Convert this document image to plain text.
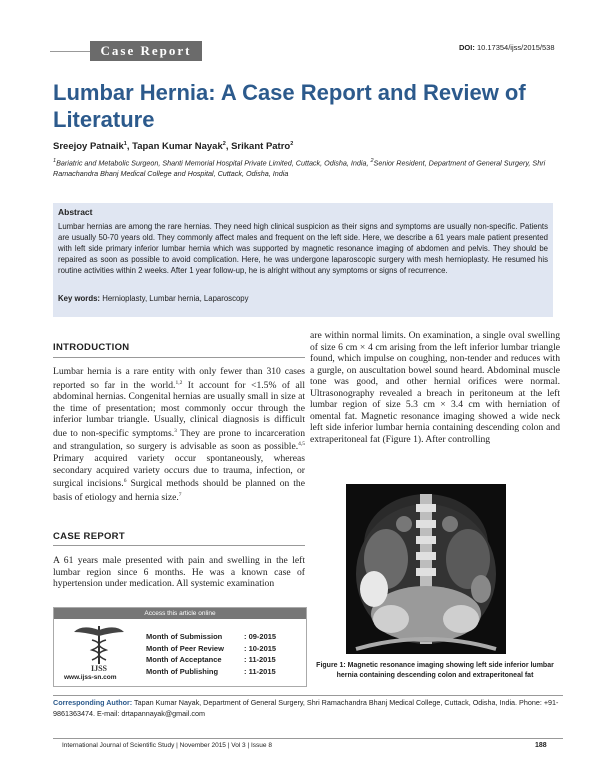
Case Report	DOI: 10.17354/ijss/2015/538
Lumbar Hernia: A Case Report and Review of Literature
Sreejoy Patnaik$^1$, Tapan Kumar Nayak$^2$, Srikant Patro$^2$
$^1$Bariatric and Metabolic Surgeon, Shanti Memorial Hospital Private Limited, Cuttack, Odisha, India, $^2$Senior Resident, Department of General Surgery, Shri Ramachandra Bhanj Medical College and Hospital, Cuttack, Odisha, India
Abstract
Lumbar hernias are among the rare hernias. They need high clinical suspicion as their signs and symptoms are usually non-specific. Patients are usually 50-70 years old. They commonly affect males and frequent on the left side. Here, we describe a 61 years male patient presented with left side primary inferior lumbar hernia which was supported by magnetic resonance imaging of abdomen and pelvis. They should be repaired as soon as possible to avoid complication. Here, he was undergone laparoscopic surgery with mesh hernioplasty. He resumed his routine activities within 2 weeks. After 1 year follow-up, he is alright without any symptoms or signs of recurrence.
Key words: Hernioplasty, Lumbar hernia, Laparoscopy
INTRODUCTION
Lumbar hernia is a rare entity with only fewer than 310 cases reported so far in the world.$^{1,2}$ It account for <1.5% of all abdominal hernias. Congenital hernias are usually small in size at the time of presentation; most commonly occur through the inferior lumbar triangle. Usually, clinical diagnosis is difficult due to non-specific symptoms.$^3$ They are prone to incarceration and strangulation, so surgery is advisable as soon as possible.$^{4,5}$ Primary acquired variety occur spontaneously, whereas secondary acquired variety occurs due to trauma, infection, or surgical incisions.$^6$ Surgical methods should be planned on the basis of etiology and hernia size.$^7$
CASE REPORT
A 61 years male presented with pain and swelling in the left lumbar region since 6 months. He was a known case of hypertension under medication. All systemic examination
are within normal limits. On examination, a single oval swelling of size 6 cm × 4 cm arising from the left inferior lumbar triangle found, which impulse on coughing, non-tender and reduces with a gurgle, on auscultation bowel sound heard. Abdominal muscle tone was good, and other hernial orifices were normal. Ultrasonography revealed a breach in peritoneum at the left lumbar region of size 5.3 cm × 3.4 cm with herniation of omental fat. Magnetic resonance imaging showed a wide neck left side inferior lumbar hernia containing descending colon and extraperitoneal fat (Figure 1). After controlling
Figure 1: Magnetic resonance imaging showing left side inferior lumbar hernia containing descending colon and extraperitoneal fat
Access this article online
IJSS
www.ijss-sn.com
Month of Submission	: 09-2015
Month of Peer Review	: 10-2015
Month of Acceptance	: 11-2015
Month of Publishing	: 11-2015
Corresponding Author: Tapan Kumar Nayak, Department of General Surgery, Shri Ramachandra Bhanj Medical College, Cuttack, Odisha, India. Phone: +91-9861363474. E-mail: drtapannayak@gmail.com
International Journal of Scientific Study | November 2015 | Vol 3 | Issue 8	188
